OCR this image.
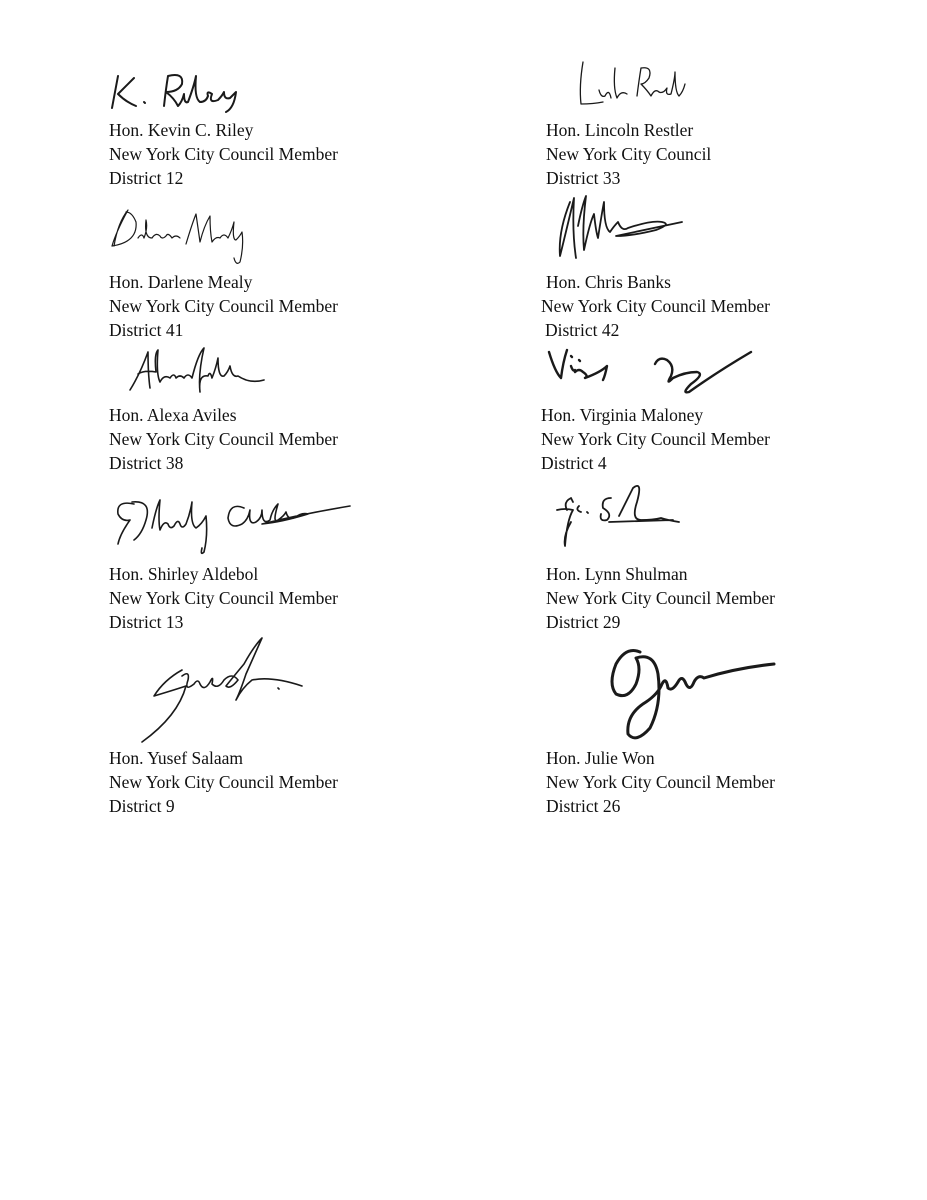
Hon. Kevin C. Riley
New York City Council Member
District 12
Hon. Lincoln Restler
New York City Council
District 33
Hon. Darlene Mealy
New York City Council Member
District 41
Hon. Chris Banks
New York City Council Member
District 42
Hon. Alexa Aviles
New York City Council Member
District 38
Hon. Virginia Maloney
New York City Council Member
District 4
Hon. Shirley Aldebol
New York City Council Member
District 13
Hon. Lynn Shulman
New York City Council Member
District 29
Hon. Yusef Salaam
New York City Council Member
District 9
Hon. Julie Won
New York City Council Member
District 26
